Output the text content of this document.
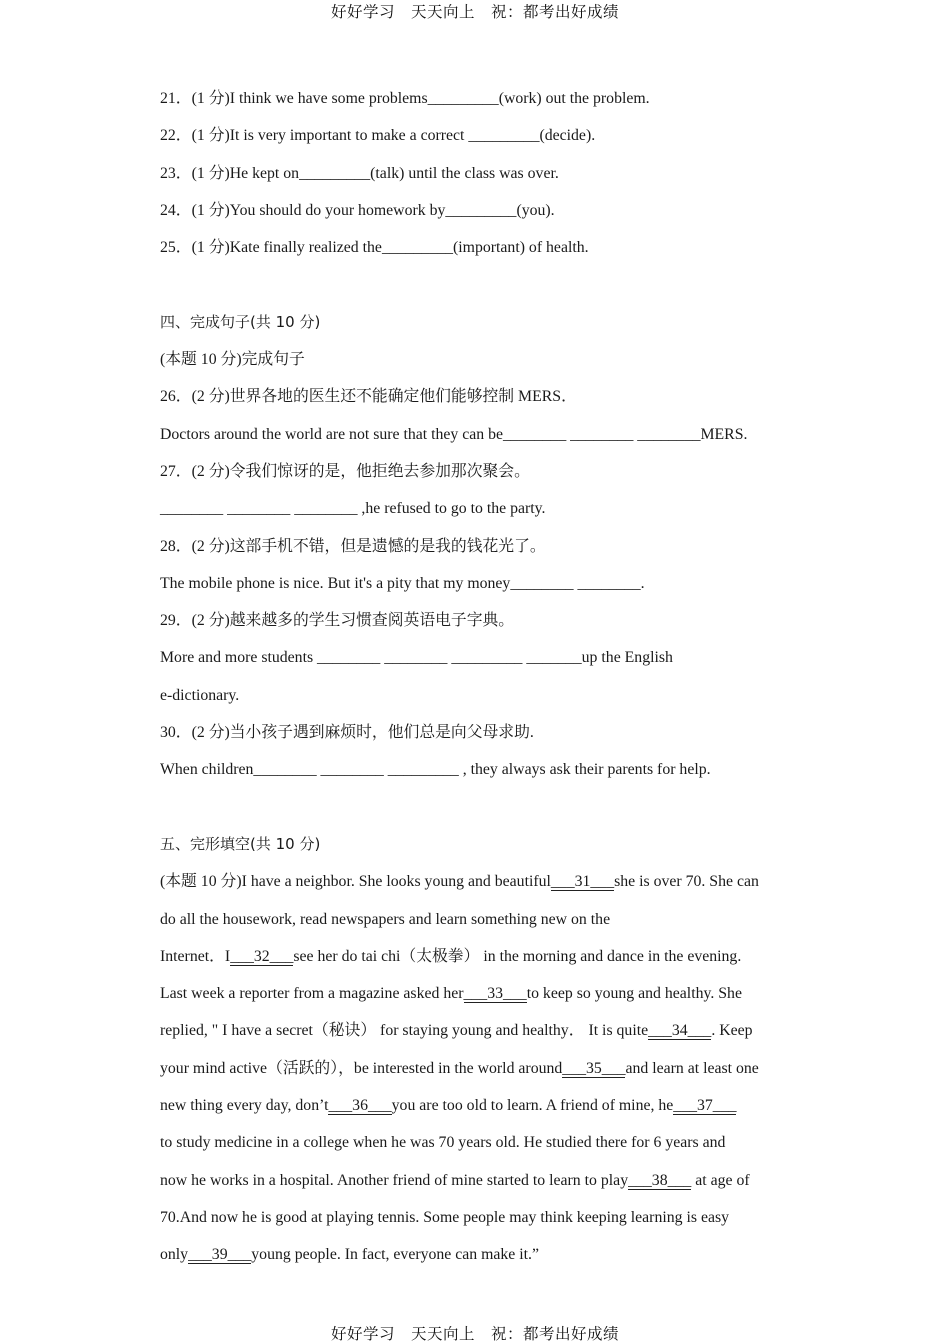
好好学习　天天向上　祝：都考出好成绩
21．(1 分)I think we have some problems_________(work) out the problem.
22．(1 分)It is very important to make a correct _________(decide).
23．(1 分)He kept on_________(talk) until the class was over.
24．(1 分)You should do your homework by_________(you).
25．(1 分)Kate finally realized the_________(important) of health.
四、完成句子(共 10 分)
(本题 10 分)完成句子
26．(2 分)世界各地的医生还不能确定他们能够控制 MERS．
Doctors around the world are not sure that they can be________ ________ ________MERS.
27．(2 分)令我们惊讶的是，他拒绝去参加那次聚会。
________ ________ ________ ,he refused to go to the party.
28．(2 分)这部手机不错，但是遗憾的是我的钱花光了。
The mobile phone is nice. But it's a pity that my money________ ________.
29．(2 分)越来越多的学生习惯查阅英语电子字典。
More and more students ________ ________ _________ _______up the English
e-dictionary.
30．(2 分)当小孩子遇到麻烦时，他们总是向父母求助.
When children________ ________ _________ , they always ask their parents for help.
五、完形填空(共 10 分)
(本题 10 分)I have a neighbor. She looks young and beautiful___31___she is over 70. She can
do all the housework, read newspapers and learn something new on the
Internet．I___32___see her do tai chi（太极拳） in the morning and dance in the evening.
Last week a reporter from a magazine asked her___33___to keep so young and healthy. She
replied, " I have a secret（秘诀） for staying young and healthy． It is quite___34___. Keep
your mind active（活跃的），be interested in the world around___35___and learn at least one
new thing every day, don’t___36___you are too old to learn. A friend of mine, he___37___
to study medicine in a college when he was 70 years old. He studied there for 6 years and
now he works in a hospital. Another friend of mine started to learn to play___38___ at age of
70.And now he is good at playing tennis. Some people may think keeping learning is easy
only___39___young people. In fact, everyone can make it.”
好好学习　天天向上　祝：都考出好成绩
